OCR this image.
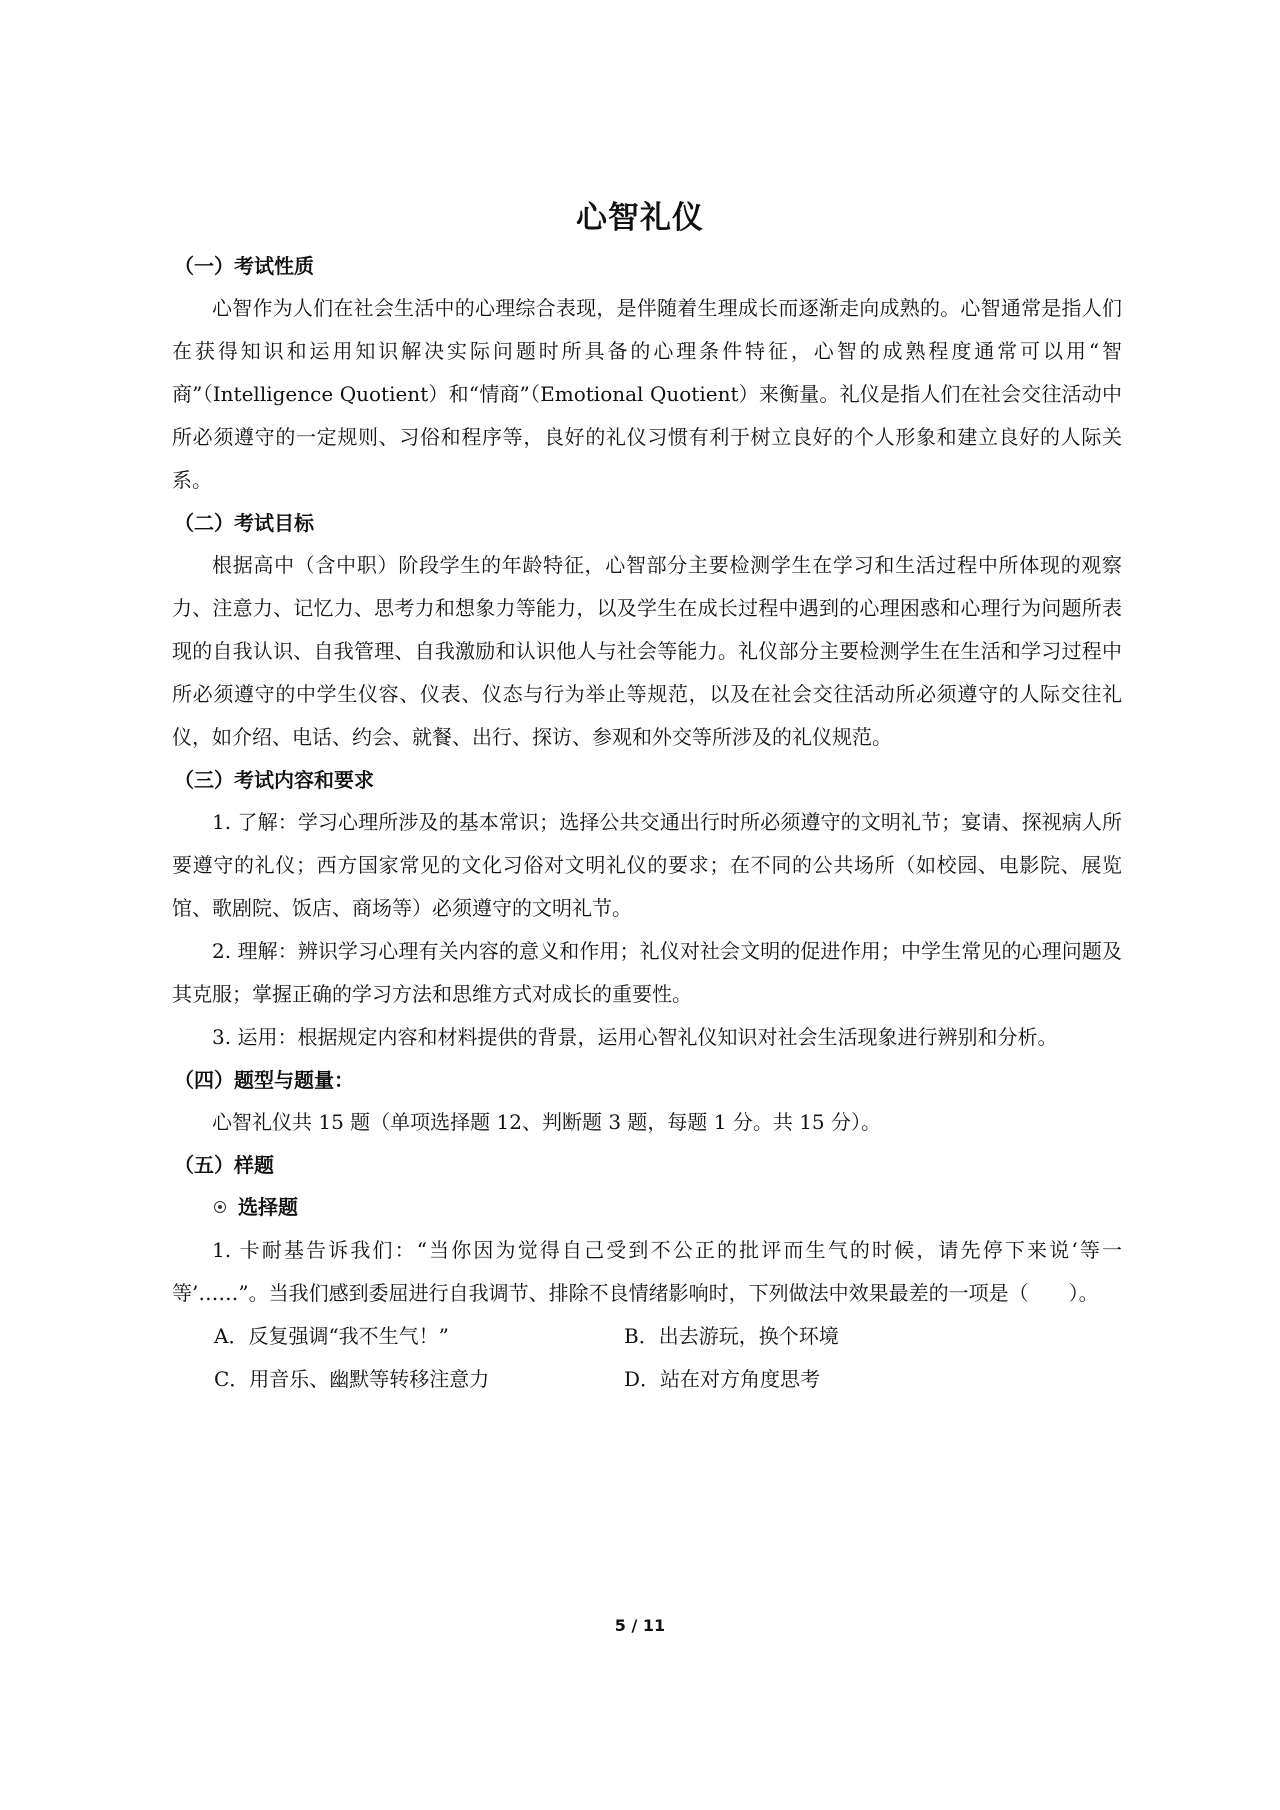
心智礼仪
（一）考试性质

心智作为人们在社会生活中的心理综合表现，是伴随着生理成长而逐渐走向成熟的。心智通常是指人们在获得知识和运用知识解决实际问题时所具备的心理条件特征，心智的成熟程度通常可以用“智商”（Intelligence Quotient）和“情商”（Emotional Quotient）来衡量。礼仪是指人们在社会交往活动中所必须遵守的一定规则、习俗和程序等，良好的礼仪习惯有利于树立良好的个人形象和建立良好的人际关系。

（二）考试目标

根据高中（含中职）阶段学生的年龄特征，心智部分主要检测学生在学习和生活过程中所体现的观察力、注意力、记忆力、思考力和想象力等能力，以及学生在成长过程中遇到的心理困惑和心理行为问题所表现的自我认识、自我管理、自我激励和认识他人与社会等能力。礼仪部分主要检测学生在生活和学习过程中所必须遵守的中学生仪容、仪表、仪态与行为举止等规范，以及在社会交往活动所必须遵守的人际交往礼仪，如介绍、电话、约会、就餐、出行、探访、参观和外交等所涉及的礼仪规范。

（三）考试内容和要求

1. 了解：学习心理所涉及的基本常识；选择公共交通出行时所必须遵守的文明礼节；宴请、探视病人所要遵守的礼仪；西方国家常见的文化习俗对文明礼仪的要求；在不同的公共场所（如校园、电影院、展览馆、歌剧院、饭店、商场等）必须遵守的文明礼节。

2. 理解：辨识学习心理有关内容的意义和作用；礼仪对社会文明的促进作用；中学生常见的心理问题及其克服；掌握正确的学习方法和思维方式对成长的重要性。

3. 运用：根据规定内容和材料提供的背景，运用心智礼仪知识对社会生活现象进行辨别和分析。

（四）题型与题量：

心智礼仪共 15 题（单项选择题 12、判断题 3 题，每题 1 分。共 15 分）。

（五）样题
选择题

1. 卡耐基告诉我们：“当你因为觉得自己受到不公正的批评而生气的时候，请先停下来说‘等一等’……”。当我们感到委屈进行自我调节、排除不良情绪影响时，下列做法中效果最差的一项是（　　）。

A．反复强调“我不生气！”	B．出去游玩，换个环境
C．用音乐、幽默等转移注意力	D．站在对方角度思考
5 / 11
